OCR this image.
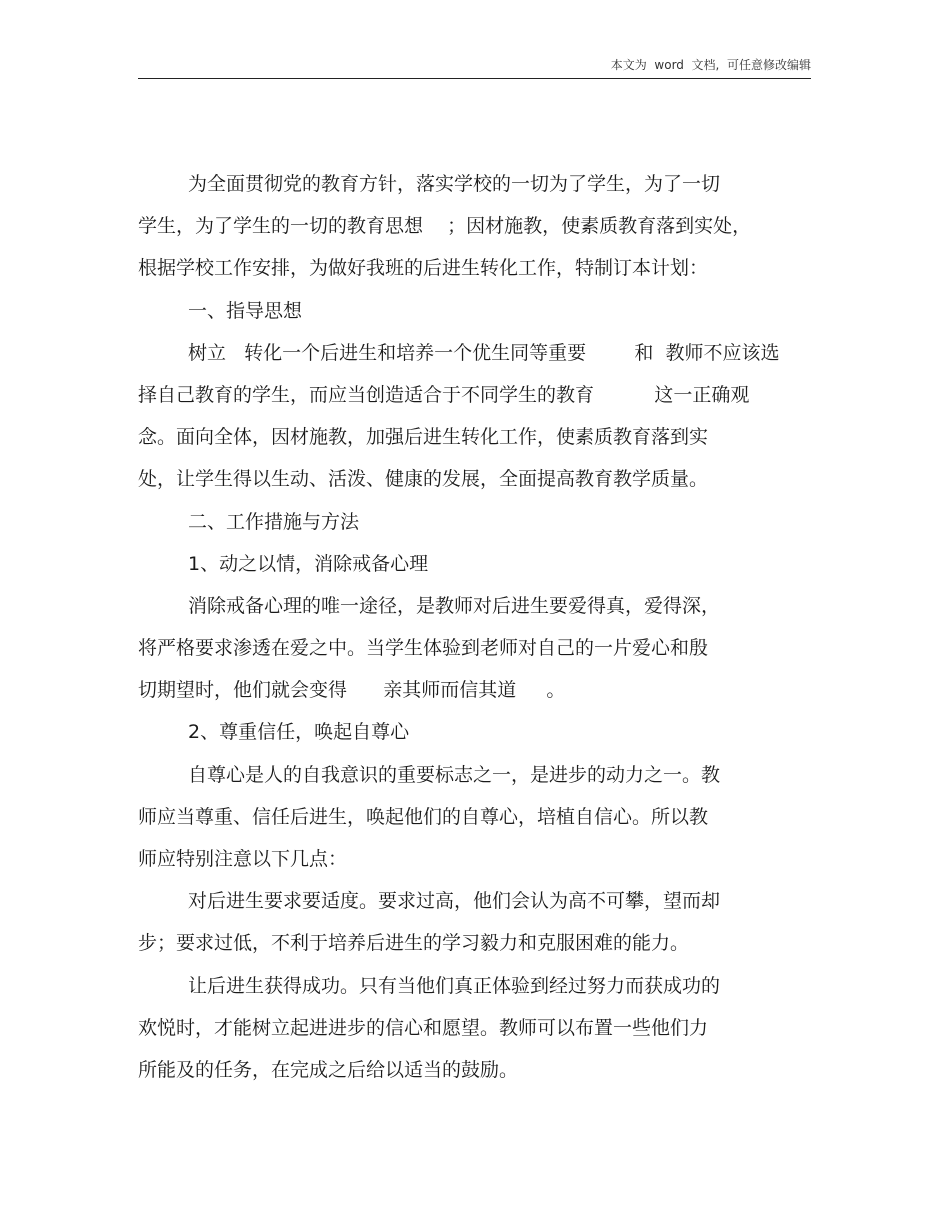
本文为  word  文档,  可任意修改编辑
为全面贯彻党的教育方针，落实学校的一切为了学生，为了一切
学生，为了学生的一切的教育思想    ；因材施教，使素质教育落到实处，
根据学校工作安排，为做好我班的后进生转化工作，特制订本计划：
一、指导思想
树立   转化一个后进生和培养一个优生同等重要        和  教师不应该选
择自己教育的学生，而应当创造适合于不同学生的教育          这一正确观
念。面向全体，因材施教，加强后进生转化工作，使素质教育落到实
处，让学生得以生动、活泼、健康的发展，全面提高教育教学质量。
二、工作措施与方法
1、动之以情，消除戒备心理
消除戒备心理的唯一途径，是教师对后进生要爱得真，爱得深，
将严格要求渗透在爱之中。当学生体验到老师对自己的一片爱心和殷
切期望时，他们就会变得      亲其师而信其道     。
2、尊重信任，唤起自尊心
自尊心是人的自我意识的重要标志之一，是进步的动力之一。教
师应当尊重、信任后进生，唤起他们的自尊心，培植自信心。所以教
师应特别注意以下几点：
对后进生要求要适度。要求过高，他们会认为高不可攀，望而却
步；要求过低，不利于培养后进生的学习毅力和克服困难的能力。
让后进生获得成功。只有当他们真正体验到经过努力而获成功的
欢悦时，才能树立起进进步的信心和愿望。教师可以布置一些他们力
所能及的任务，在完成之后给以适当的鼓励。
